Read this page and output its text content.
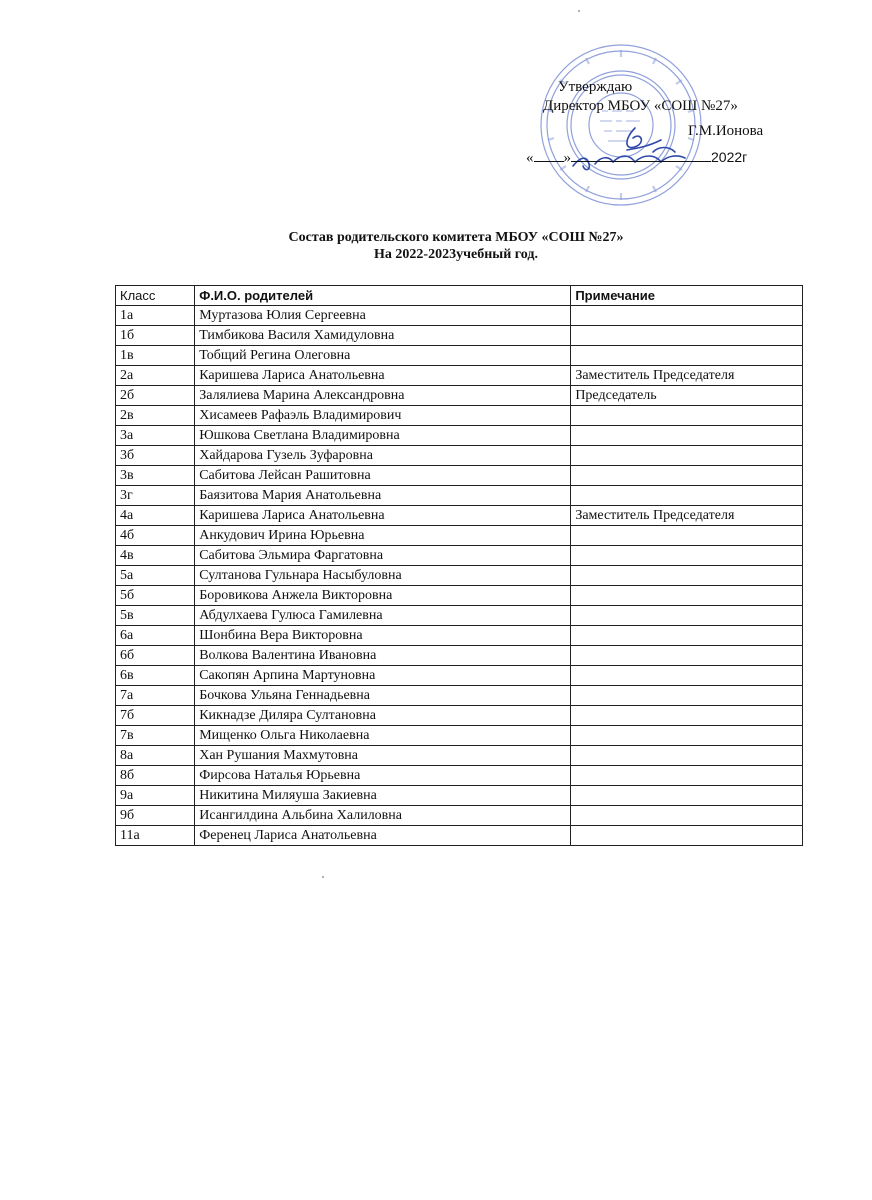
Утверждаю
Директор МБОУ «СОШ №27»
Г.М.Ионова
« »	2022г
Состав родительского комитета МБОУ «СОШ №27»
На 2022-2023учебный год.
Класс	Ф.И.О. родителей	Примечание
1а	Муртазова Юлия Сергеевна	
1б	Тимбикова Василя Хамидуловна	
1в	Тобщий Регина Олеговна	
2а	Каришева Лариса Анатольевна	Заместитель Председателя
2б	Залялиева Марина Александровна	Председатель
2в	Хисамеев Рафаэль Владимирович	
3а	Юшкова Светлана Владимировна	
3б	Хайдарова Гузель Зуфаровна	
3в	Сабитова Лейсан Рашитовна	
3г	Баязитова Мария Анатольевна	
4а	Каришева Лариса Анатольевна	Заместитель Председателя
4б	Анкудович Ирина Юрьевна	
4в	Сабитова Эльмира Фаргатовна	
5а	Султанова Гульнара Насыбуловна	
5б	Боровикова Анжела Викторовна	
5в	Абдулхаева Гулюса Гамилевна	
6а	Шонбина Вера Викторовна	
6б	Волкова Валентина Ивановна	
6в	Сакопян Арпина Мартуновна	
7а	Бочкова Ульяна Геннадьевна	
7б	Кикнадзе Диляра Султановна	
7в	Мищенко Ольга Николаевна	
8а	Хан Рушания Махмутовна	
8б	Фирсова Наталья Юрьевна	
9а	Никитина Миляуша Закиевна	
9б	Исангилдина Альбина Халиловна	
11а	Ференец Лариса Анатольевна	
